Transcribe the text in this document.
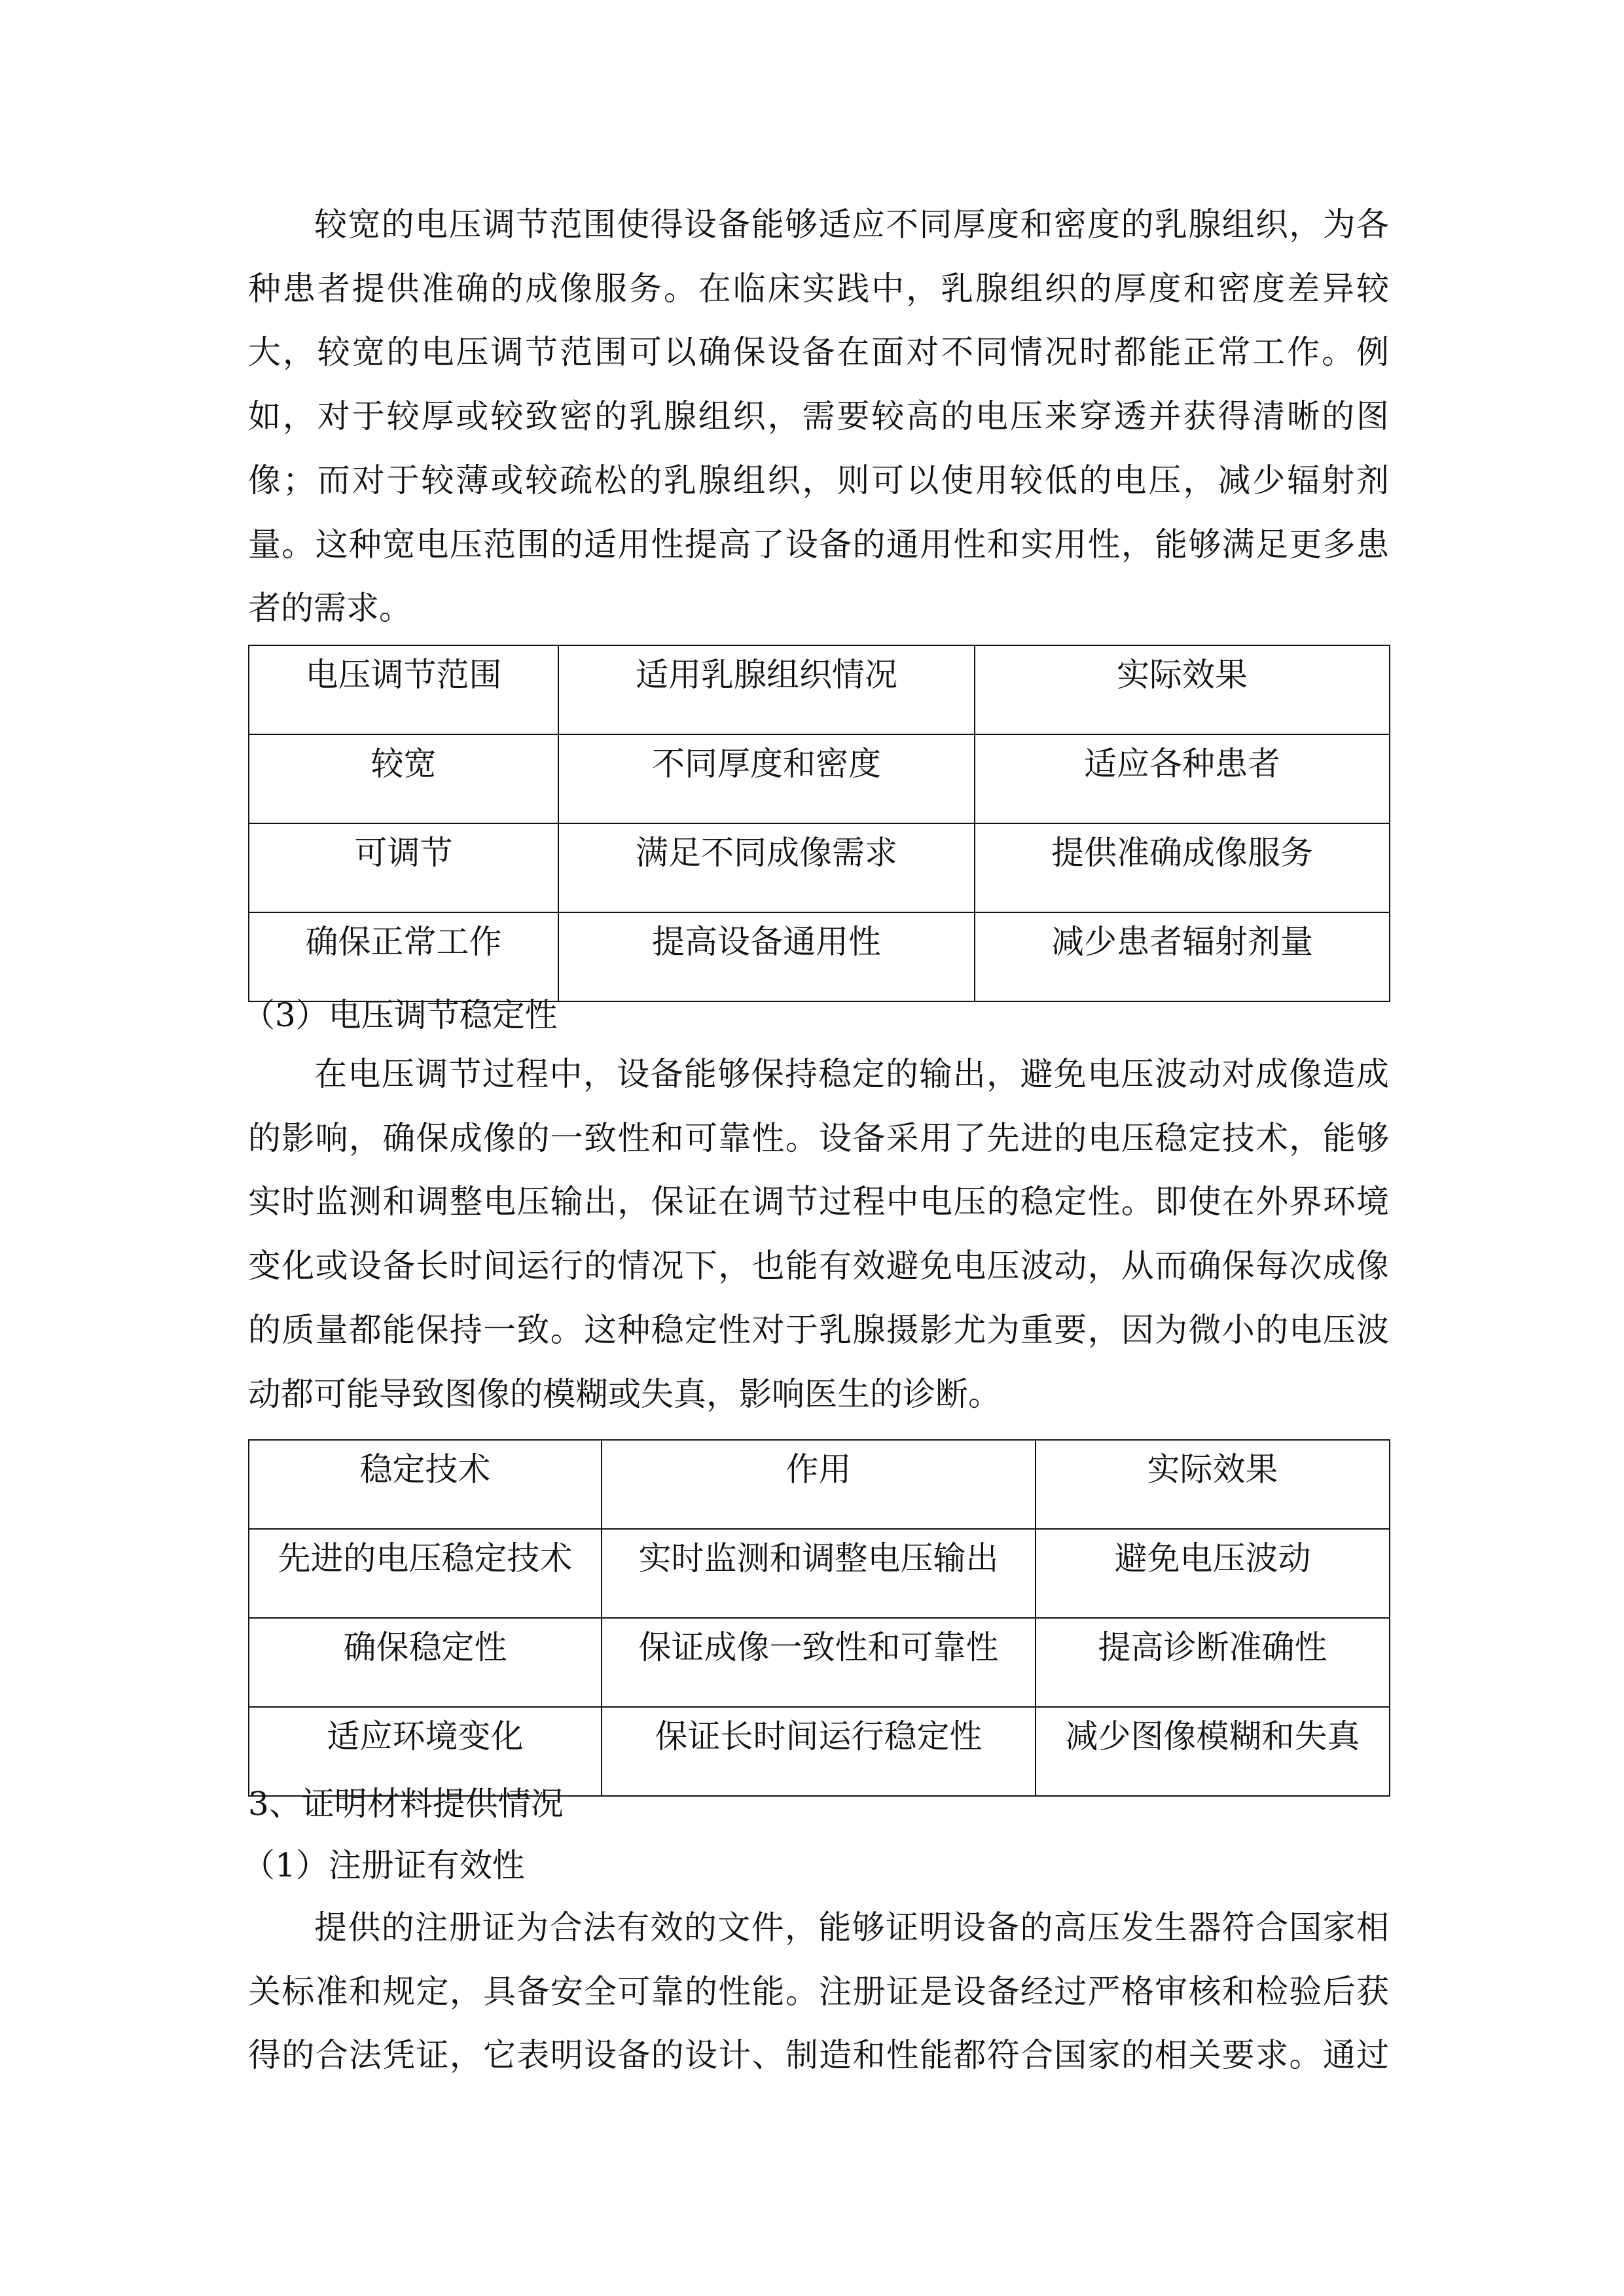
较宽的电压调节范围使得设备能够适应不同厚度和密度的乳腺组织，为各
种患者提供准确的成像服务。在临床实践中，乳腺组织的厚度和密度差异较
大，较宽的电压调节范围可以确保设备在面对不同情况时都能正常工作。例
如，对于较厚或较致密的乳腺组织，需要较高的电压来穿透并获得清晰的图
像；而对于较薄或较疏松的乳腺组织，则可以使用较低的电压，减少辐射剂
量。这种宽电压范围的适用性提高了设备的通用性和实用性，能够满足更多患
者的需求。
电压调节范围	适用乳腺组织情况	实际效果
较宽	不同厚度和密度	适应各种患者
可调节	满足不同成像需求	提供准确成像服务
确保正常工作	提高设备通用性	减少患者辐射剂量
（3）电压调节稳定性
在电压调节过程中，设备能够保持稳定的输出，避免电压波动对成像造成
的影响，确保成像的一致性和可靠性。设备采用了先进的电压稳定技术，能够
实时监测和调整电压输出，保证在调节过程中电压的稳定性。即使在外界环境
变化或设备长时间运行的情况下，也能有效避免电压波动，从而确保每次成像
的质量都能保持一致。这种稳定性对于乳腺摄影尤为重要，因为微小的电压波
动都可能导致图像的模糊或失真，影响医生的诊断。
稳定技术	作用	实际效果
先进的电压稳定技术	实时监测和调整电压输出	避免电压波动
确保稳定性	保证成像一致性和可靠性	提高诊断准确性
适应环境变化	保证长时间运行稳定性	减少图像模糊和失真
3、证明材料提供情况
（1）注册证有效性
提供的注册证为合法有效的文件，能够证明设备的高压发生器符合国家相
关标准和规定，具备安全可靠的性能。注册证是设备经过严格审核和检验后获
得的合法凭证，它表明设备的设计、制造和性能都符合国家的相关要求。通过
